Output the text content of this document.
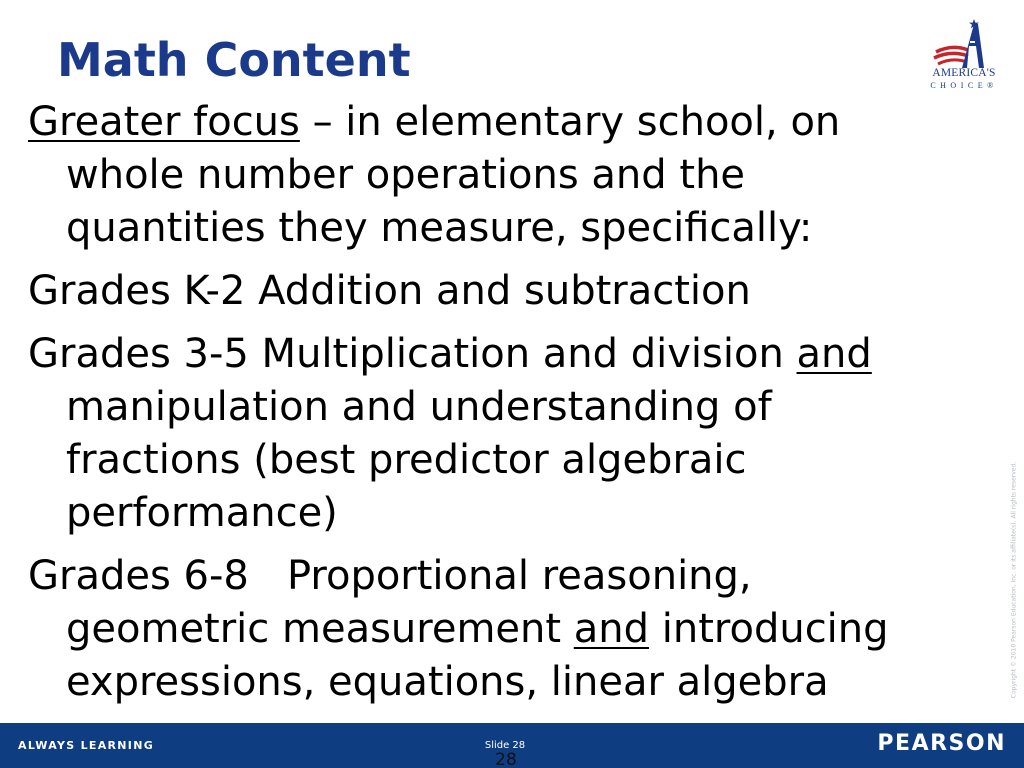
Math Content	AMERICA'S
CHOICE®

Greater focus – in elementary school, on
whole number operations and the
quantities they measure, specifically:

Grades K-2 Addition and subtraction

Grades 3-5 Multiplication and division and
manipulation and understanding of
fractions (best predictor algebraic
performance)

Grades 6-8   Proportional reasoning,
geometric measurement and introducing
expressions, equations, linear algebra	Copyright © 2010 Pearson Education, Inc. or its affiliate(s). All rights reserved.
ALWAYS LEARNING	Slide 28
28
PEARSON
